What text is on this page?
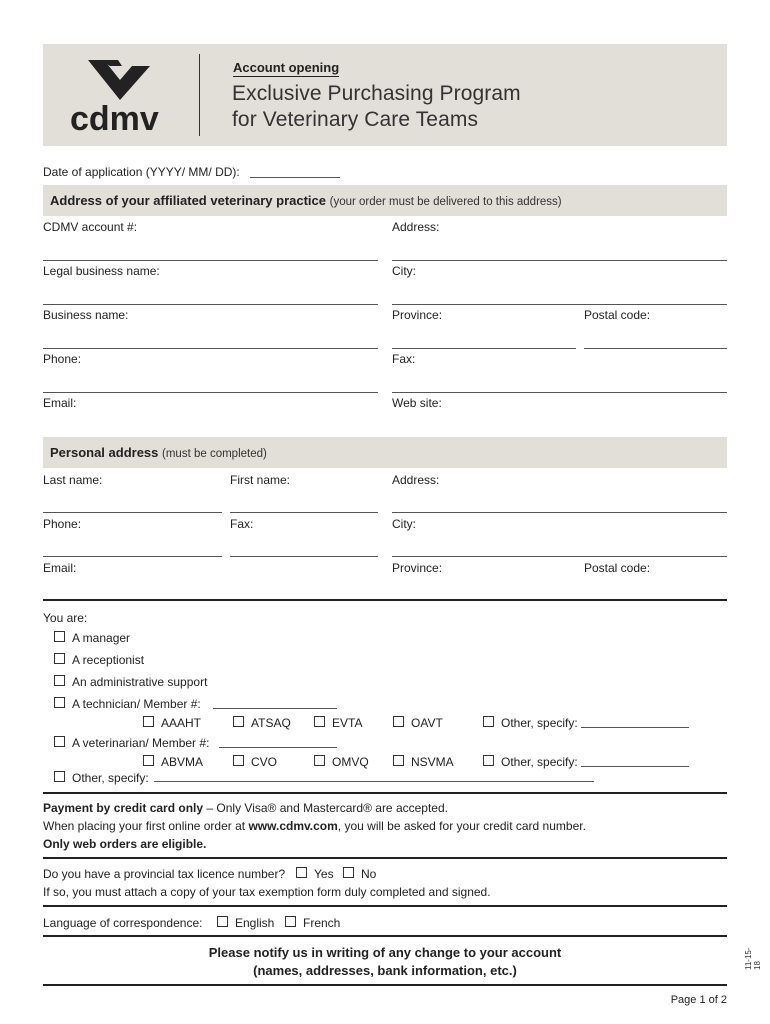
cdmv
Account opening
Exclusive Purchasing Program
for Veterinary Care Teams
Date of application (YYYY/ MM/ DD):
Address of your affiliated veterinary practice (your order must be delivered to this address)
CDMV account #:	Address:
Legal business name:	City:
Business name:	Province:	Postal code:
Phone:	Fax:
Email:	Web site:
Personal address (must be completed)
Last name:	First name:	Address:
Phone:	Fax:	City:
Email:	Province:	Postal code:
You are:
A manager
A receptionist
An administrative support
A technician/ Member #:
AAAHT	ATSAQ	EVTA	OAVT	Other, specify:
A veterinarian/ Member #:
ABVMA	CVO	OMVQ	NSVMA	Other, specify:
Other, specify:
Payment by credit card only – Only Visa® and Mastercard® are accepted.
When placing your first online order at www.cdmv.com, you will be asked for your credit card number.
Only web orders are eligible.
Do you have a provincial tax licence number? Yes No
If so, you must attach a copy of your tax exemption form duly completed and signed.
Language of correspondence:	English French
Please notify us in writing of any change to your account
(names, addresses, bank information, etc.)
11-15-18
Page 1 of 2
